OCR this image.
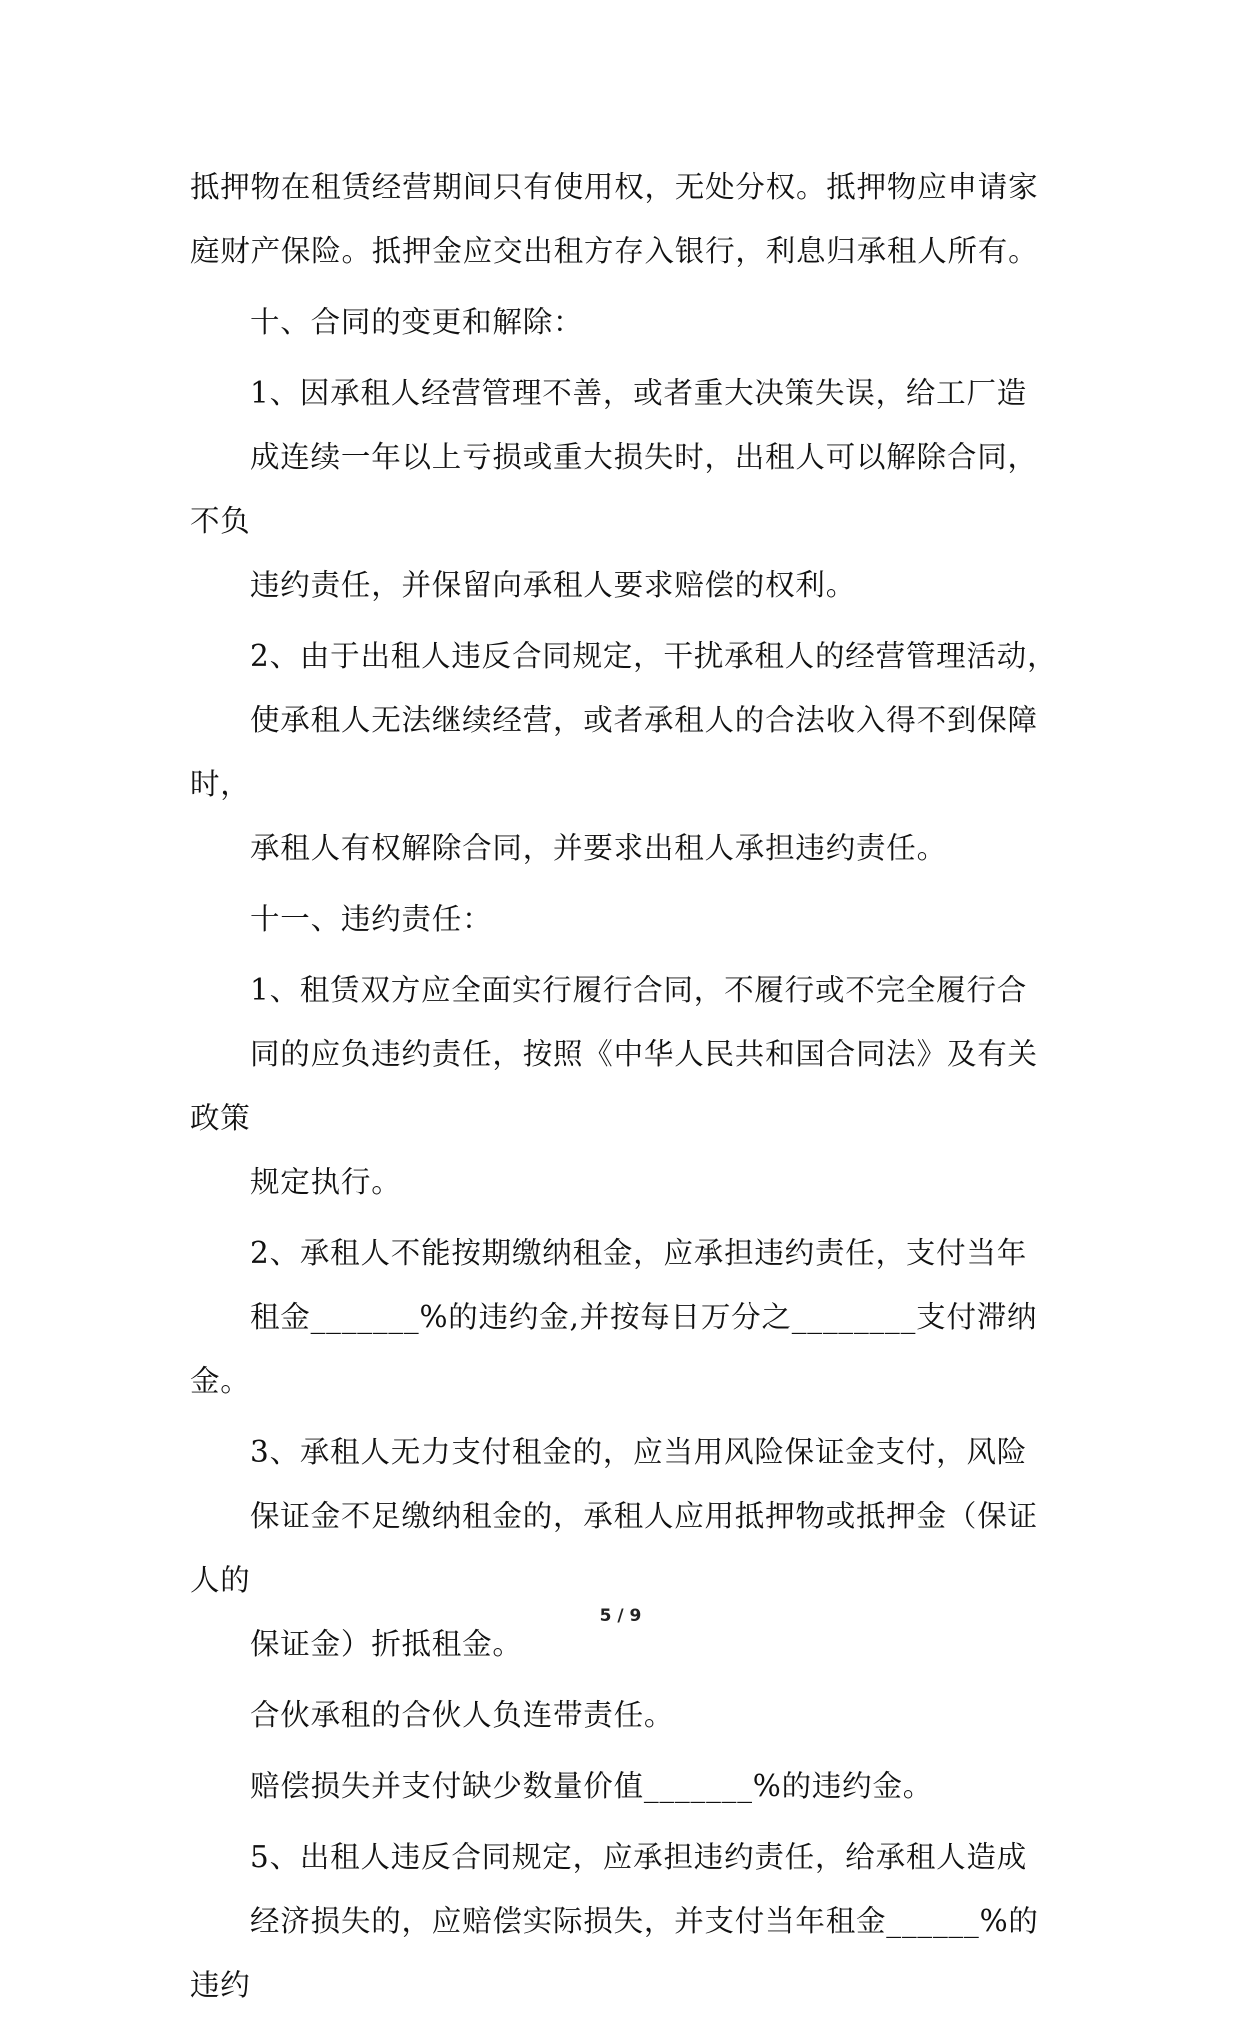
抵押物在租赁经营期间只有使用权，无处分权。抵押物应申请家
庭财产保险。抵押金应交出租方存入银行，利息归承租人所有。

十、合同的变更和解除：

1、因承租人经营管理不善，或者重大决策失误，给工厂造
成连续一年以上亏损或重大损失时，出租人可以解除合同，不负
违约责任，并保留向承租人要求赔偿的权利。

2、由于出租人违反合同规定，干扰承租人的经营管理活动，
使承租人无法继续经营，或者承租人的合法收入得不到保障时，
承租人有权解除合同，并要求出租人承担违约责任。

十一、违约责任：

1、租赁双方应全面实行履行合同，不履行或不完全履行合
同的应负违约责任，按照《中华人民共和国合同法》及有关政策
规定执行。

2、承租人不能按期缴纳租金，应承担违约责任，支付当年
租金_______%的违约金,并按每日万分之________支付滞纳金。

3、承租人无力支付租金的，应当用风险保证金支付，风险
保证金不足缴纳租金的，承租人应用抵押物或抵押金（保证人的
保证金）折抵租金。

合伙承租的合伙人负连带责任。

赔偿损失并支付缺少数量价值_______%的违约金。

5、出租人违反合同规定，应承担违约责任，给承租人造成
经济损失的，应赔偿实际损失，并支付当年租金______%的违约

5 / 9
